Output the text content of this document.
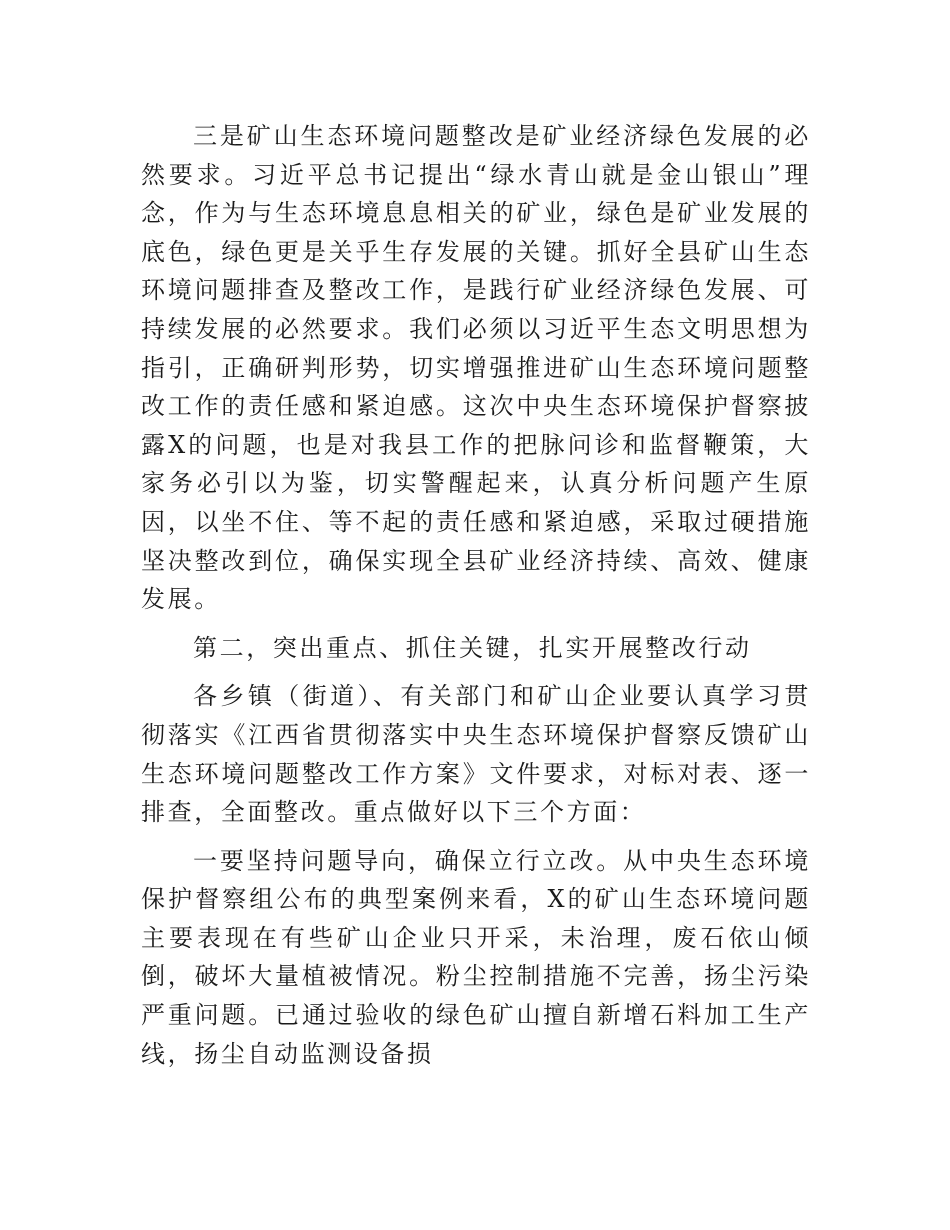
三是矿山生态环境问题整改是矿业经济绿色发展的必然要求。习近平总书记提出“绿水青山就是金山银山”理念，作为与生态环境息息相关的矿业，绿色是矿业发展的底色，绿色更是关乎生存发展的关键。抓好全县矿山生态环境问题排查及整改工作，是践行矿业经济绿色发展、可持续发展的必然要求。我们必须以习近平生态文明思想为指引，正确研判形势，切实增强推进矿山生态环境问题整改工作的责任感和紧迫感。这次中央生态环境保护督察披露X的问题，也是对我县工作的把脉问诊和监督鞭策，大家务必引以为鉴，切实警醒起来，认真分析问题产生原因，以坐不住、等不起的责任感和紧迫感，采取过硬措施坚决整改到位，确保实现全县矿业经济持续、高效、健康发展。

第二，突出重点、抓住关键，扎实开展整改行动

各乡镇（街道）、有关部门和矿山企业要认真学习贯彻落实《江西省贯彻落实中央生态环境保护督察反馈矿山生态环境问题整改工作方案》文件要求，对标对表、逐一排查，全面整改。重点做好以下三个方面：

一要坚持问题导向，确保立行立改。从中央生态环境保护督察组公布的典型案例来看，X的矿山生态环境问题主要表现在有些矿山企业只开采，未治理，废石依山倾倒，破坏大量植被情况。粉尘控制措施不完善，扬尘污染严重问题。已通过验收的绿色矿山擅自新增石料加工生产线，扬尘自动监测设备损
